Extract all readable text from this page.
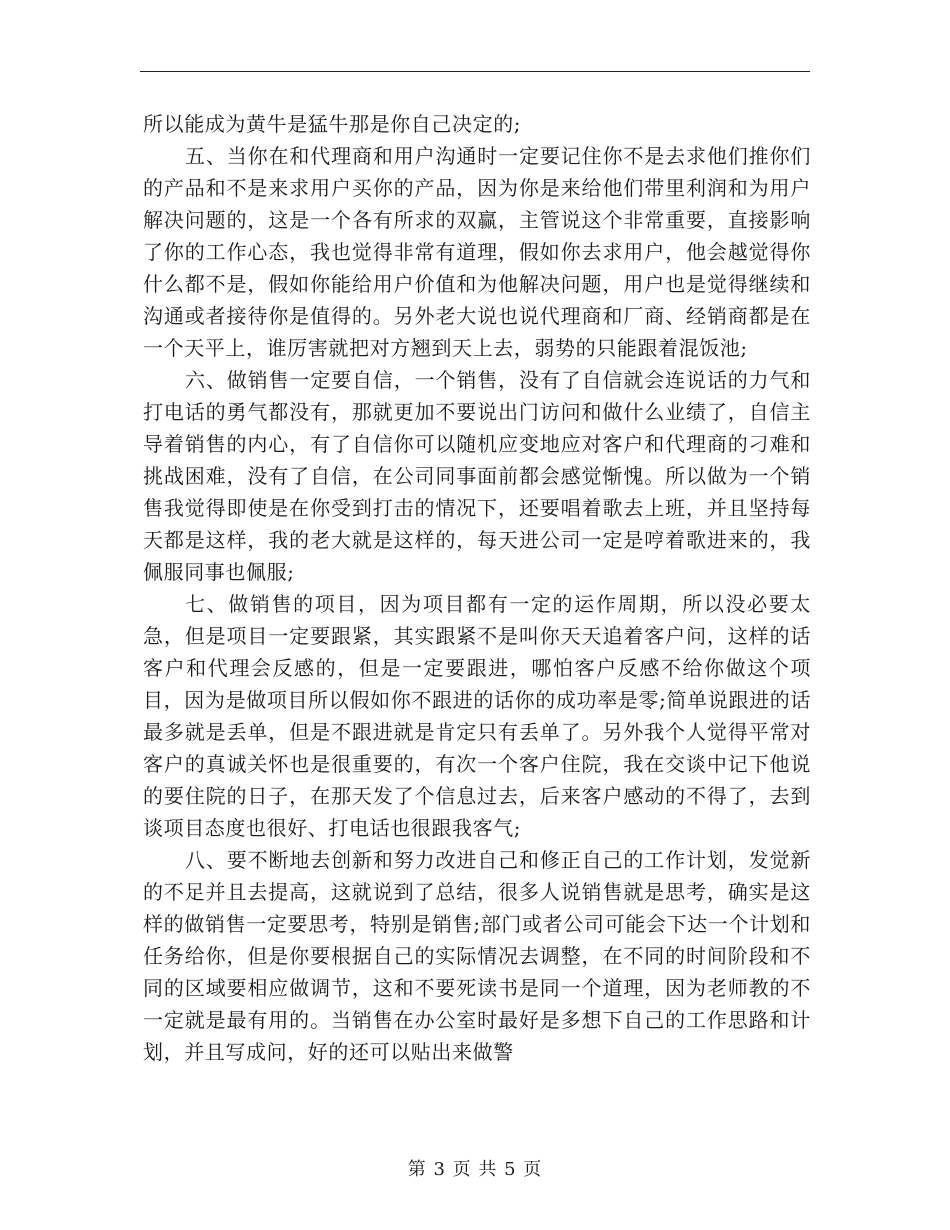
所以能成为黄牛是猛牛那是你自己决定的;

五、当你在和代理商和用户沟通时一定要记住你不是去求他们推你们的产品和不是来求用户买你的产品，因为你是来给他们带里利润和为用户解决问题的，这是一个各有所求的双赢，主管说这个非常重要，直接影响了你的工作心态，我也觉得非常有道理，假如你去求用户，他会越觉得你什么都不是，假如你能给用户价值和为他解决问题，用户也是觉得继续和沟通或者接待你是值得的。另外老大说也说代理商和厂商、经销商都是在一个天平上，谁厉害就把对方翘到天上去，弱势的只能跟着混饭池;

六、做销售一定要自信，一个销售，没有了自信就会连说话的力气和打电话的勇气都没有，那就更加不要说出门访问和做什么业绩了，自信主导着销售的内心，有了自信你可以随机应变地应对客户和代理商的刁难和挑战困难，没有了自信，在公司同事面前都会感觉惭愧。所以做为一个销售我觉得即使是在你受到打击的情况下，还要唱着歌去上班，并且坚持每天都是这样，我的老大就是这样的，每天进公司一定是哼着歌进来的，我佩服同事也佩服;

七、做销售的项目，因为项目都有一定的运作周期，所以没必要太急，但是项目一定要跟紧，其实跟紧不是叫你天天追着客户问，这样的话客户和代理会反感的，但是一定要跟进，哪怕客户反感不给你做这个项目，因为是做项目所以假如你不跟进的话你的成功率是零;简单说跟进的话最多就是丢单，但是不跟进就是肯定只有丢单了。另外我个人觉得平常对客户的真诚关怀也是很重要的，有次一个客户住院，我在交谈中记下他说的要住院的日子，在那天发了个信息过去，后来客户感动的不得了，去到谈项目态度也很好、打电话也很跟我客气;

八、要不断地去创新和努力改进自己和修正自己的工作计划，发觉新的不足并且去提高，这就说到了总结，很多人说销售就是思考，确实是这样的做销售一定要思考，特别是销售;部门或者公司可能会下达一个计划和任务给你，但是你要根据自己的实际情况去调整，在不同的时间阶段和不同的区域要相应做调节，这和不要死读书是同一个道理，因为老师教的不一定就是最有用的。当销售在办公室时最好是多想下自己的工作思路和计划，并且写成问，好的还可以贴出来做警

第 3 页 共 5 页
